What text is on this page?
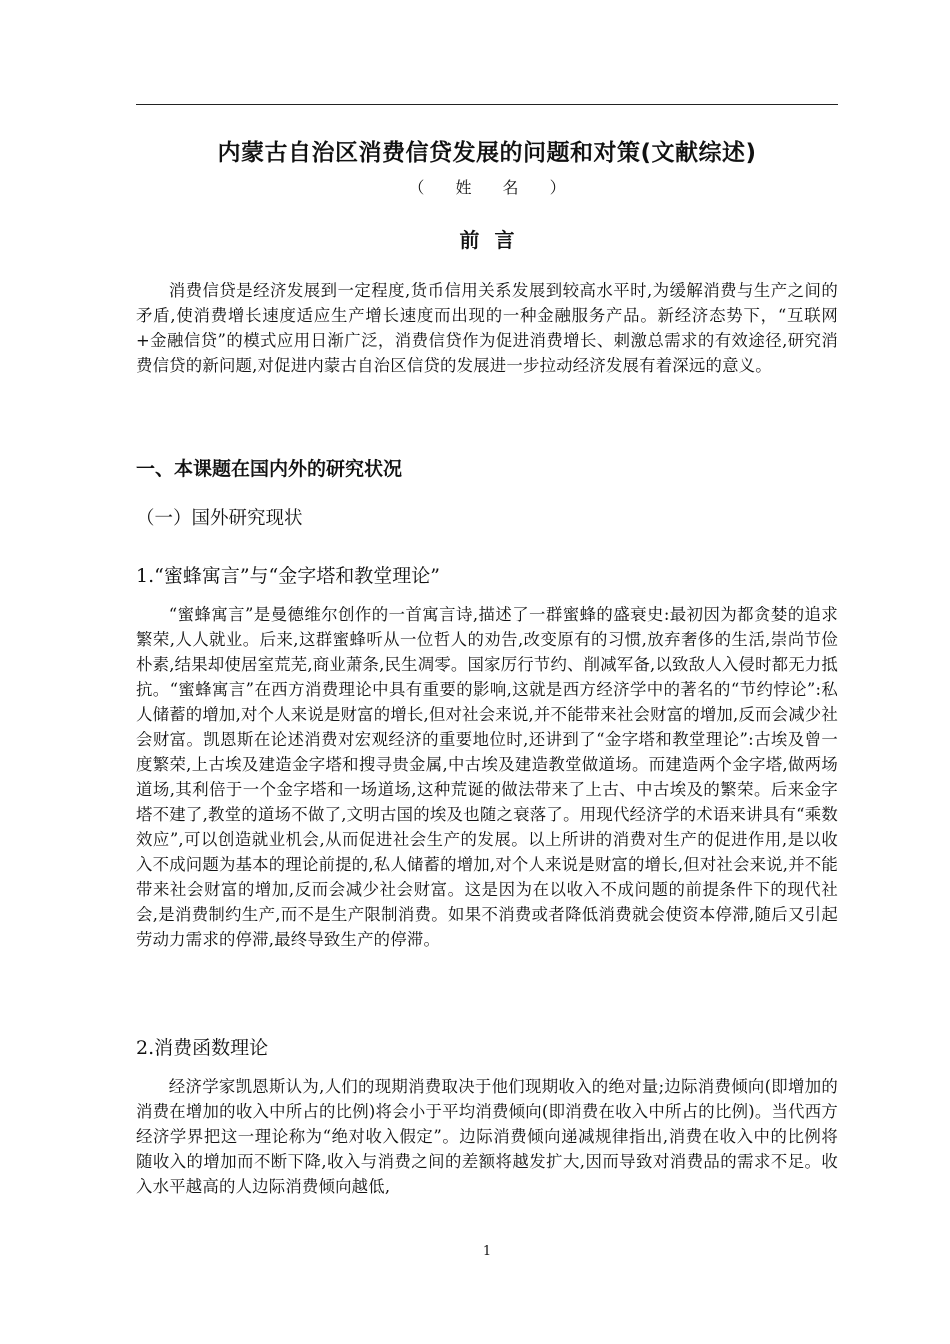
内蒙古自治区消费信贷发展的问题和对策(文献综述)
（ 姓 名 ）
前 言
消费信贷是经济发展到一定程度,货币信用关系发展到较高水平时,为缓解消费与生产之间的矛盾,使消费增长速度适应生产增长速度而出现的一种金融服务产品。新经济态势下，“互联网+金融信贷”的模式应用日渐广泛，消费信贷作为促进消费增长、刺激总需求的有效途径,研究消费信贷的新问题,对促进内蒙古自治区信贷的发展进一步拉动经济发展有着深远的意义。
一、本课题在国内外的研究状况
（一）国外研究现状
1.“蜜蜂寓言”与“金字塔和教堂理论”
“蜜蜂寓言”是曼德维尔创作的一首寓言诗,描述了一群蜜蜂的盛衰史:最初因为都贪婪的追求繁荣,人人就业。后来,这群蜜蜂听从一位哲人的劝告,改变原有的习惯,放弃奢侈的生活,崇尚节俭朴素,结果却使居室荒芜,商业萧条,民生凋零。国家厉行节约、削减军备,以致敌人入侵时都无力抵抗。“蜜蜂寓言”在西方消费理论中具有重要的影响,这就是西方经济学中的著名的“节约悖论”:私人储蓄的增加,对个人来说是财富的增长,但对社会来说,并不能带来社会财富的增加,反而会减少社会财富。凯恩斯在论述消费对宏观经济的重要地位时,还讲到了“金字塔和教堂理论”:古埃及曾一度繁荣,上古埃及建造金字塔和搜寻贵金属,中古埃及建造教堂做道场。而建造两个金字塔,做两场道场,其利倍于一个金字塔和一场道场,这种荒诞的做法带来了上古、中古埃及的繁荣。后来金字塔不建了,教堂的道场不做了,文明古国的埃及也随之衰落了。用现代经济学的术语来讲具有“乘数效应”,可以创造就业机会,从而促进社会生产的发展。以上所讲的消费对生产的促进作用,是以收入不成问题为基本的理论前提的,私人储蓄的增加,对个人来说是财富的增长,但对社会来说,并不能带来社会财富的增加,反而会减少社会财富。这是因为在以收入不成问题的前提条件下的现代社会,是消费制约生产,而不是生产限制消费。如果不消费或者降低消费就会使资本停滞,随后又引起劳动力需求的停滞,最终导致生产的停滞。
2.消费函数理论
经济学家凯恩斯认为,人们的现期消费取决于他们现期收入的绝对量;边际消费倾向(即增加的消费在增加的收入中所占的比例)将会小于平均消费倾向(即消费在收入中所占的比例)。当代西方经济学界把这一理论称为“绝对收入假定”。边际消费倾向递减规律指出,消费在收入中的比例将随收入的增加而不断下降,收入与消费之间的差额将越发扩大,因而导致对消费品的需求不足。收入水平越高的人边际消费倾向越低,
1
